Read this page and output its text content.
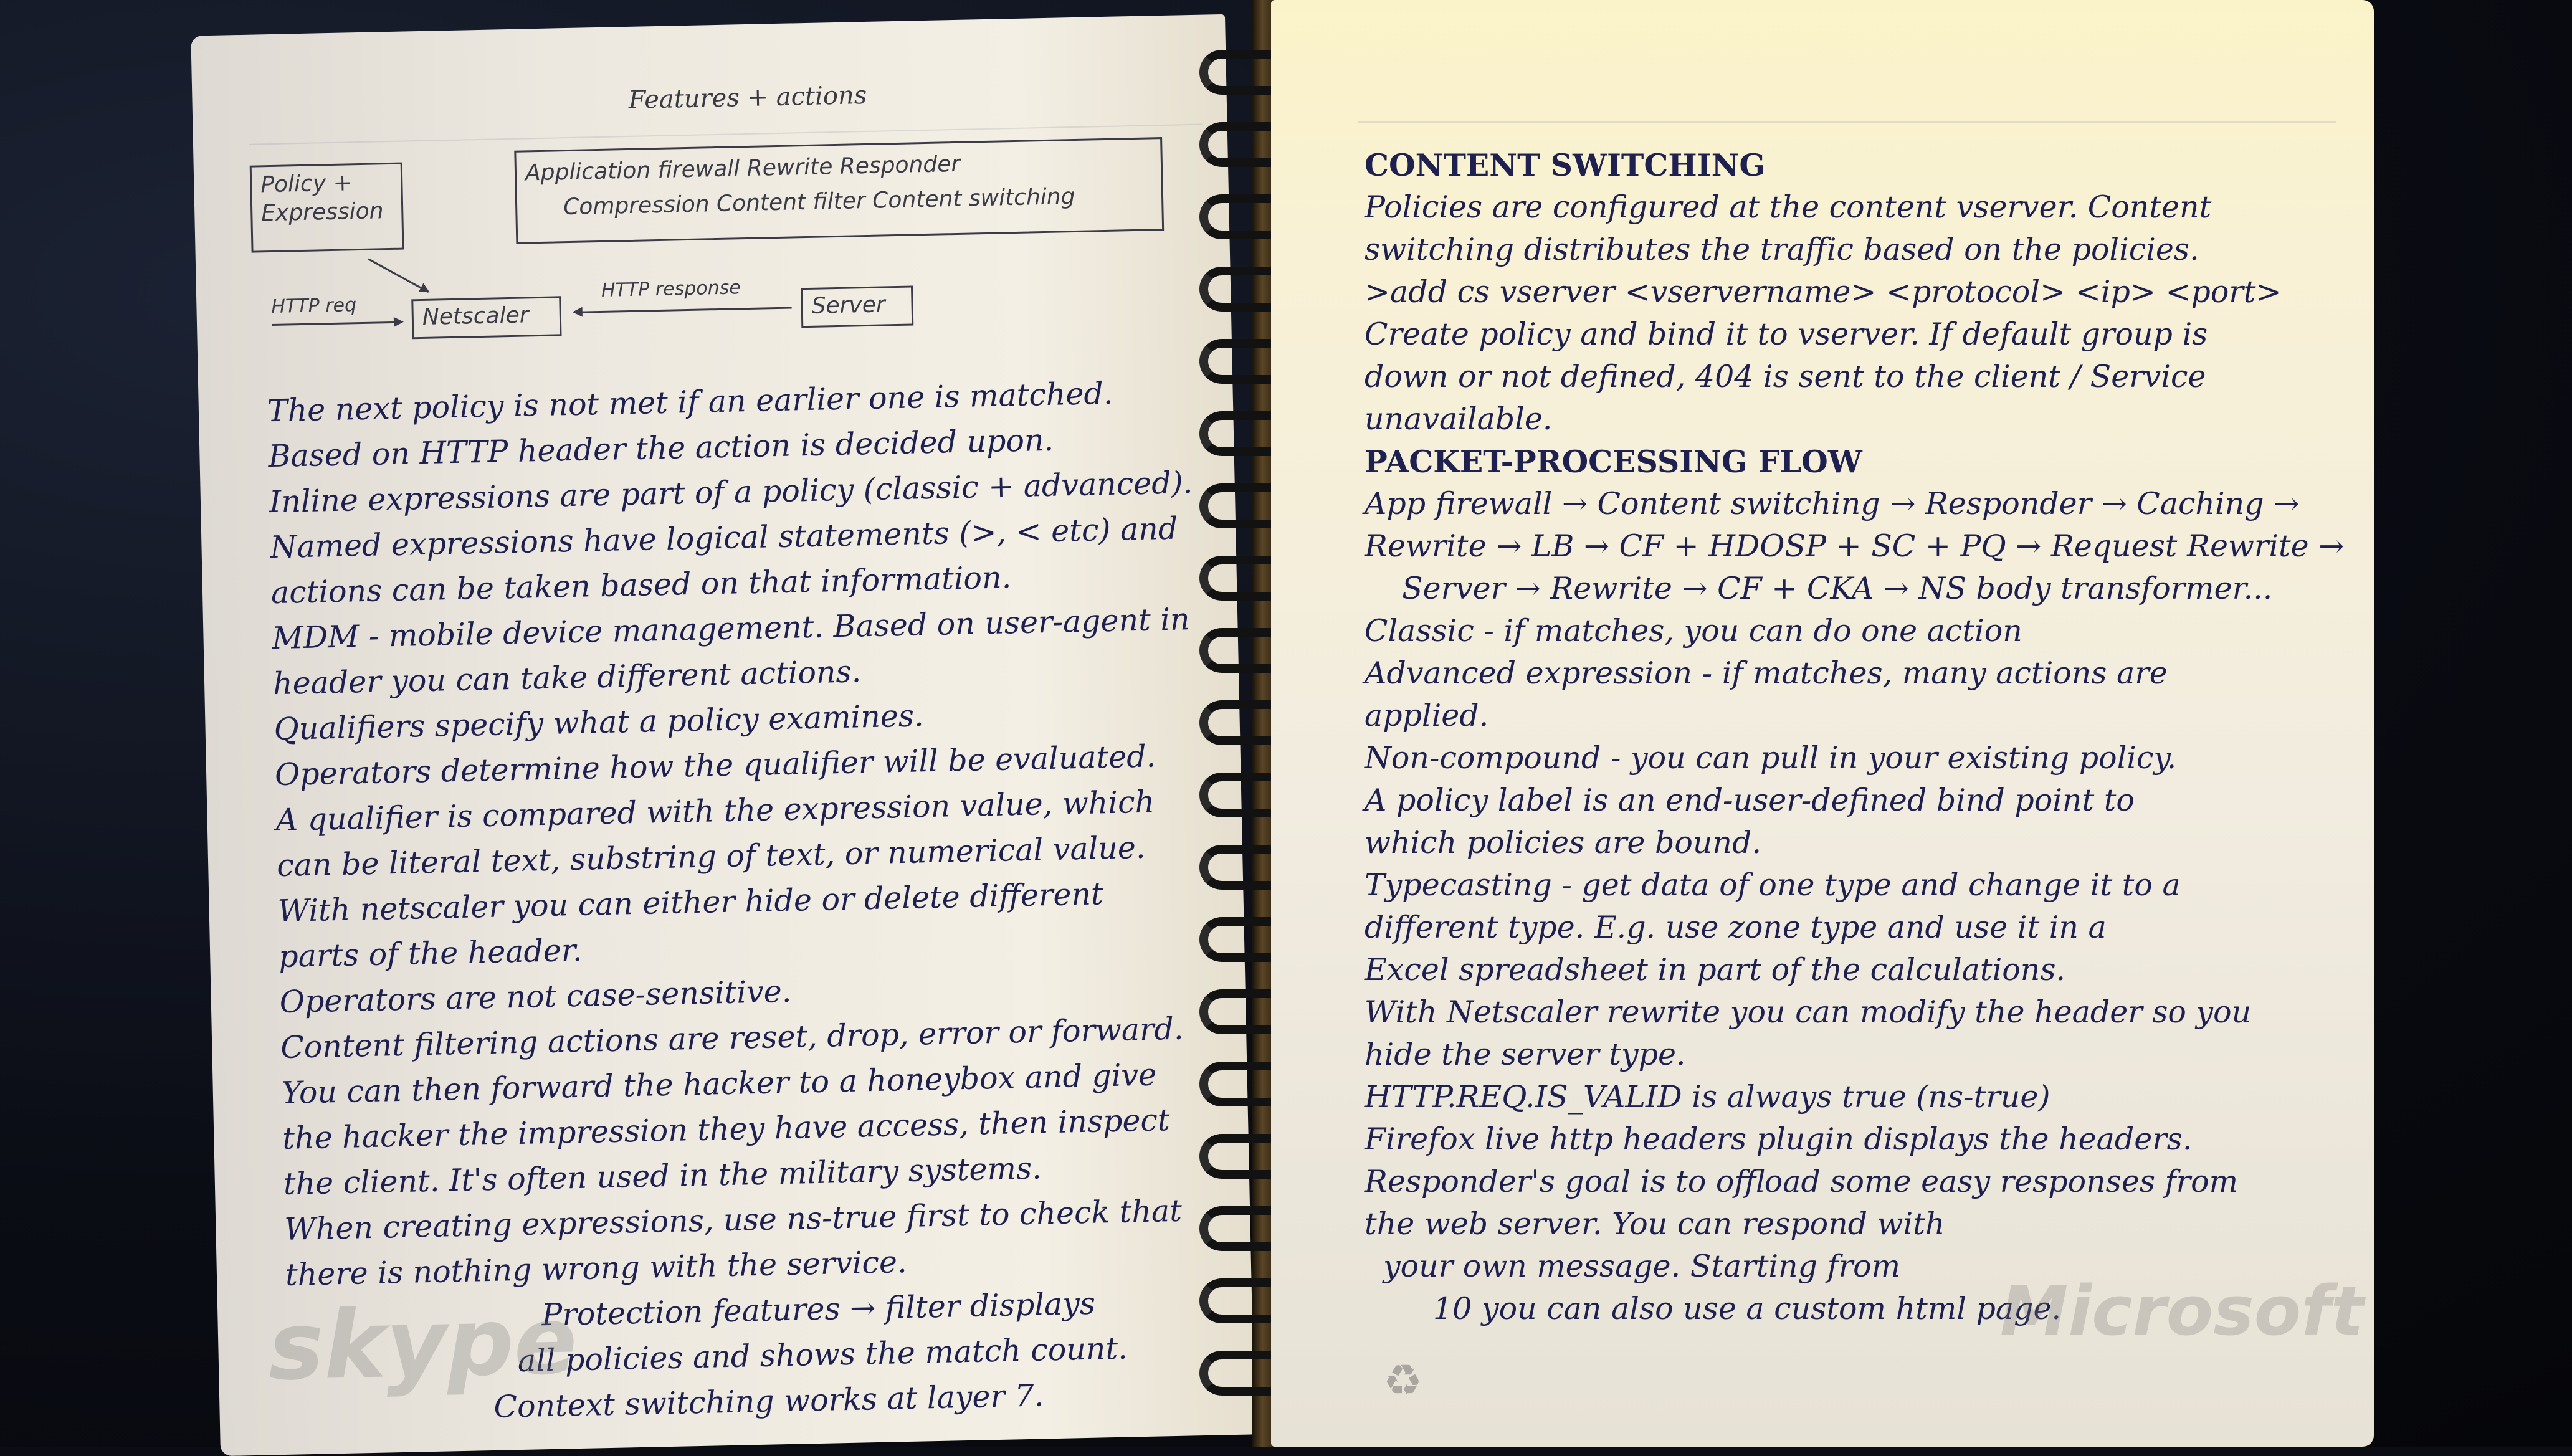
Features + actions
Policy + Expression
Application firewall Rewrite Responder
Compression Content filter Content switching
HTTP req	Netscaler
HTTP response
Server
The next policy is not met if an earlier one is matched.
Based on HTTP header the action is decided upon.
Inline expressions are part of a policy (classic + advanced).
Named expressions have logical statements (>, < etc) and
actions can be taken based on that information.
MDM - mobile device management. Based on user-agent in
header you can take different actions.
Qualifiers specify what a policy examines.
Operators determine how the qualifier will be evaluated.
A qualifier is compared with the expression value, which
can be literal text, substring of text, or numerical value.
With netscaler you can either hide or delete different
parts of the header.
Operators are not case-sensitive.
Content filtering actions are reset, drop, error or forward.
You can then forward the hacker to a honeybox and give
the hacker the impression they have access, then inspect
the client. It's often used in the military systems.
When creating expressions, use ns-true first to check that
there is nothing wrong with the service.
Protection features → filter displays
all policies and shows the match count.
Context switching works at layer 7.
skype
CONTENT SWITCHING
Policies are configured at the content vserver. Content
switching distributes the traffic based on the policies.
>add cs vserver <vservername> <protocol> <ip> <port>
Create policy and bind it to vserver. If default group is
down or not defined, 404 is sent to the client / Service
unavailable.
PACKET-PROCESSING FLOW
App firewall → Content switching → Responder → Caching →
Rewrite → LB → CF + HDOSP + SC + PQ → Request Rewrite →
Server → Rewrite → CF + CKA → NS body transformer...
Classic - if matches, you can do one action
Advanced expression - if matches, many actions are
applied.
Non-compound - you can pull in your existing policy.
A policy label is an end-user-defined bind point to
which policies are bound.
Typecasting - get data of one type and change it to a
different type. E.g. use zone type and use it in a
Excel spreadsheet in part of the calculations.
With Netscaler rewrite you can modify the header so you
hide the server type.
HTTP.REQ.IS_VALID is always true (ns-true)
Firefox live http headers plugin displays the headers.
Responder's goal is to offload some easy responses from
the web server. You can respond with
your own message. Starting from
10 you can also use a custom html page.
♻
Microsoft
